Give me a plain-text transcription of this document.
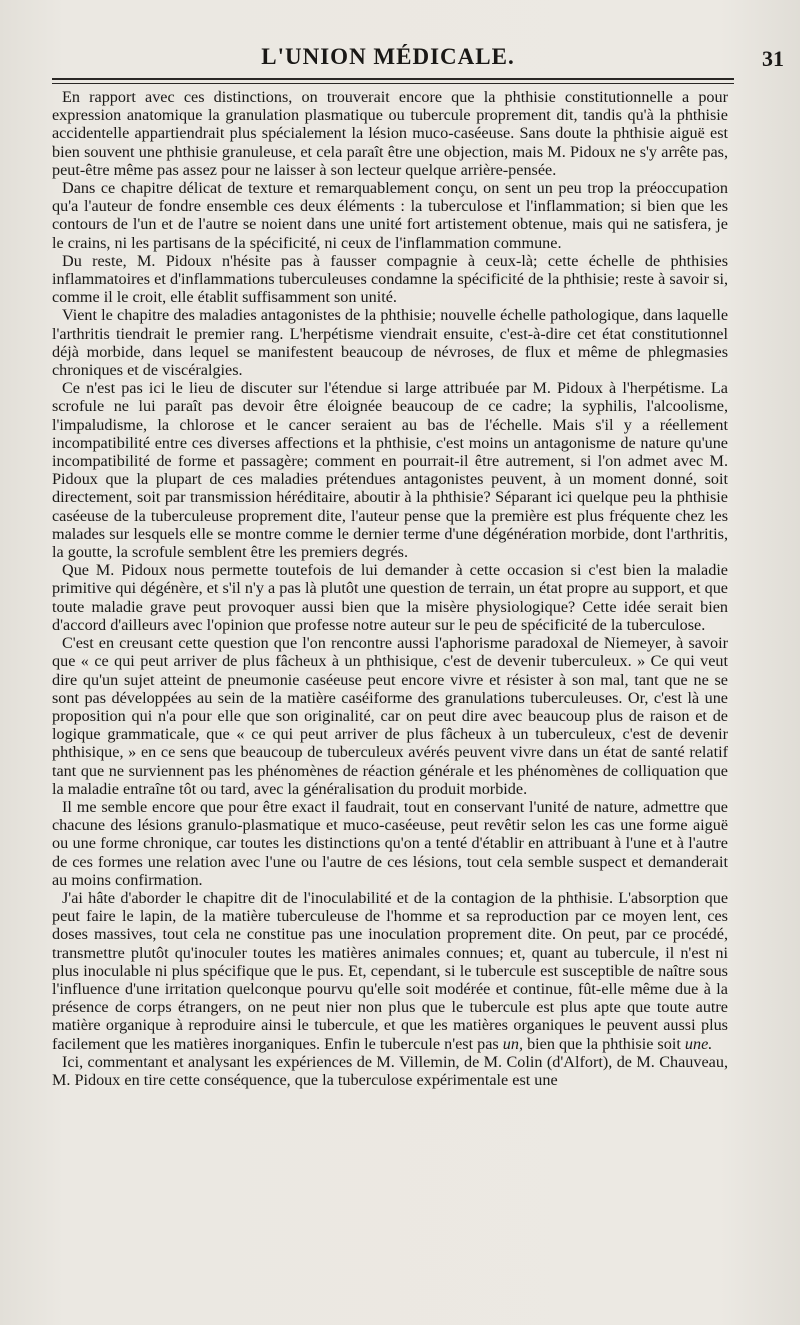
L'UNION MÉDICALE.	31

En rapport avec ces distinctions, on trouverait encore que la phthisie constitutionnelle a pour expression anatomique la granulation plasmatique ou tubercule proprement dit, tandis qu'à la phthisie accidentelle appartiendrait plus spécialement la lésion muco-caséeuse. Sans doute la phthisie aiguë est bien souvent une phthisie granuleuse, et cela paraît être une objection, mais M. Pidoux ne s'y arrête pas, peut-être même pas assez pour ne laisser à son lecteur quelque arrière-pensée.

Dans ce chapitre délicat de texture et remarquablement conçu, on sent un peu trop la préoccupation qu'a l'auteur de fondre ensemble ces deux éléments : la tuberculose et l'inflammation; si bien que les contours de l'un et de l'autre se noient dans une unité fort artistement obtenue, mais qui ne satisfera, je le crains, ni les partisans de la spécificité, ni ceux de l'inflammation commune.

Du reste, M. Pidoux n'hésite pas à fausser compagnie à ceux-là; cette échelle de phthisies inflammatoires et d'inflammations tuberculeuses condamne la spécificité de la phthisie; reste à savoir si, comme il le croit, elle établit suffisamment son unité.

Vient le chapitre des maladies antagonistes de la phthisie; nouvelle échelle pathologique, dans laquelle l'arthritis tiendrait le premier rang. L'herpétisme viendrait ensuite, c'est-à-dire cet état constitutionnel déjà morbide, dans lequel se manifestent beaucoup de névroses, de flux et même de phlegmasies chroniques et de viscéralgies.

Ce n'est pas ici le lieu de discuter sur l'étendue si large attribuée par M. Pidoux à l'herpétisme. La scrofule ne lui paraît pas devoir être éloignée beaucoup de ce cadre; la syphilis, l'alcoolisme, l'impaludisme, la chlorose et le cancer seraient au bas de l'échelle. Mais s'il y a réellement incompatibilité entre ces diverses affections et la phthisie, c'est moins un antagonisme de nature qu'une incompatibilité de forme et passagère; comment en pourrait-il être autrement, si l'on admet avec M. Pidoux que la plupart de ces maladies prétendues antagonistes peuvent, à un moment donné, soit directement, soit par transmission héréditaire, aboutir à la phthisie? Séparant ici quelque peu la phthisie caséeuse de la tuberculeuse proprement dite, l'auteur pense que la première est plus fréquente chez les malades sur lesquels elle se montre comme le dernier terme d'une dégénération morbide, dont l'arthritis, la goutte, la scrofule semblent être les premiers degrés.

Que M. Pidoux nous permette toutefois de lui demander à cette occasion si c'est bien la maladie primitive qui dégénère, et s'il n'y a pas là plutôt une question de terrain, un état propre au support, et que toute maladie grave peut provoquer aussi bien que la misère physiologique? Cette idée serait bien d'accord d'ailleurs avec l'opinion que professe notre auteur sur le peu de spécificité de la tuberculose.

C'est en creusant cette question que l'on rencontre aussi l'aphorisme paradoxal de Niemeyer, à savoir que « ce qui peut arriver de plus fâcheux à un phthisique, c'est de devenir tuberculeux. » Ce qui veut dire qu'un sujet atteint de pneumonie caséeuse peut encore vivre et résister à son mal, tant que ne se sont pas développées au sein de la matière caséiforme des granulations tuberculeuses. Or, c'est là une proposition qui n'a pour elle que son originalité, car on peut dire avec beaucoup plus de raison et de logique grammaticale, que « ce qui peut arriver de plus fâcheux à un tuberculeux, c'est de devenir phthisique, » en ce sens que beaucoup de tuberculeux avérés peuvent vivre dans un état de santé relatif tant que ne surviennent pas les phénomènes de réaction générale et les phénomènes de colliquation que la maladie entraîne tôt ou tard, avec la généralisation du produit morbide.

Il me semble encore que pour être exact il faudrait, tout en conservant l'unité de nature, admettre que chacune des lésions granulo-plasmatique et muco-caséeuse, peut revêtir selon les cas une forme aiguë ou une forme chronique, car toutes les distinctions qu'on a tenté d'établir en attribuant à l'une et à l'autre de ces formes une relation avec l'une ou l'autre de ces lésions, tout cela semble suspect et demanderait au moins confirmation.

J'ai hâte d'aborder le chapitre dit de l'inoculabilité et de la contagion de la phthisie. L'absorption que peut faire le lapin, de la matière tuberculeuse de l'homme et sa reproduction par ce moyen lent, ces doses massives, tout cela ne constitue pas une inoculation proprement dite. On peut, par ce procédé, transmettre plutôt qu'inoculer toutes les matières animales connues; et, quant au tubercule, il n'est ni plus inoculable ni plus spécifique que le pus. Et, cependant, si le tubercule est susceptible de naître sous l'influence d'une irritation quelconque pourvu qu'elle soit modérée et continue, fût-elle même due à la présence de corps étrangers, on ne peut nier non plus que le tubercule est plus apte que toute autre matière organique à reproduire ainsi le tubercule, et que les matières organiques le peuvent aussi plus facilement que les matières inorganiques. Enfin le tubercule n'est pas un, bien que la phthisie soit une.

Ici, commentant et analysant les expériences de M. Villemin, de M. Colin (d'Alfort), de M. Chauveau, M. Pidoux en tire cette conséquence, que la tuberculose expérimentale est une
